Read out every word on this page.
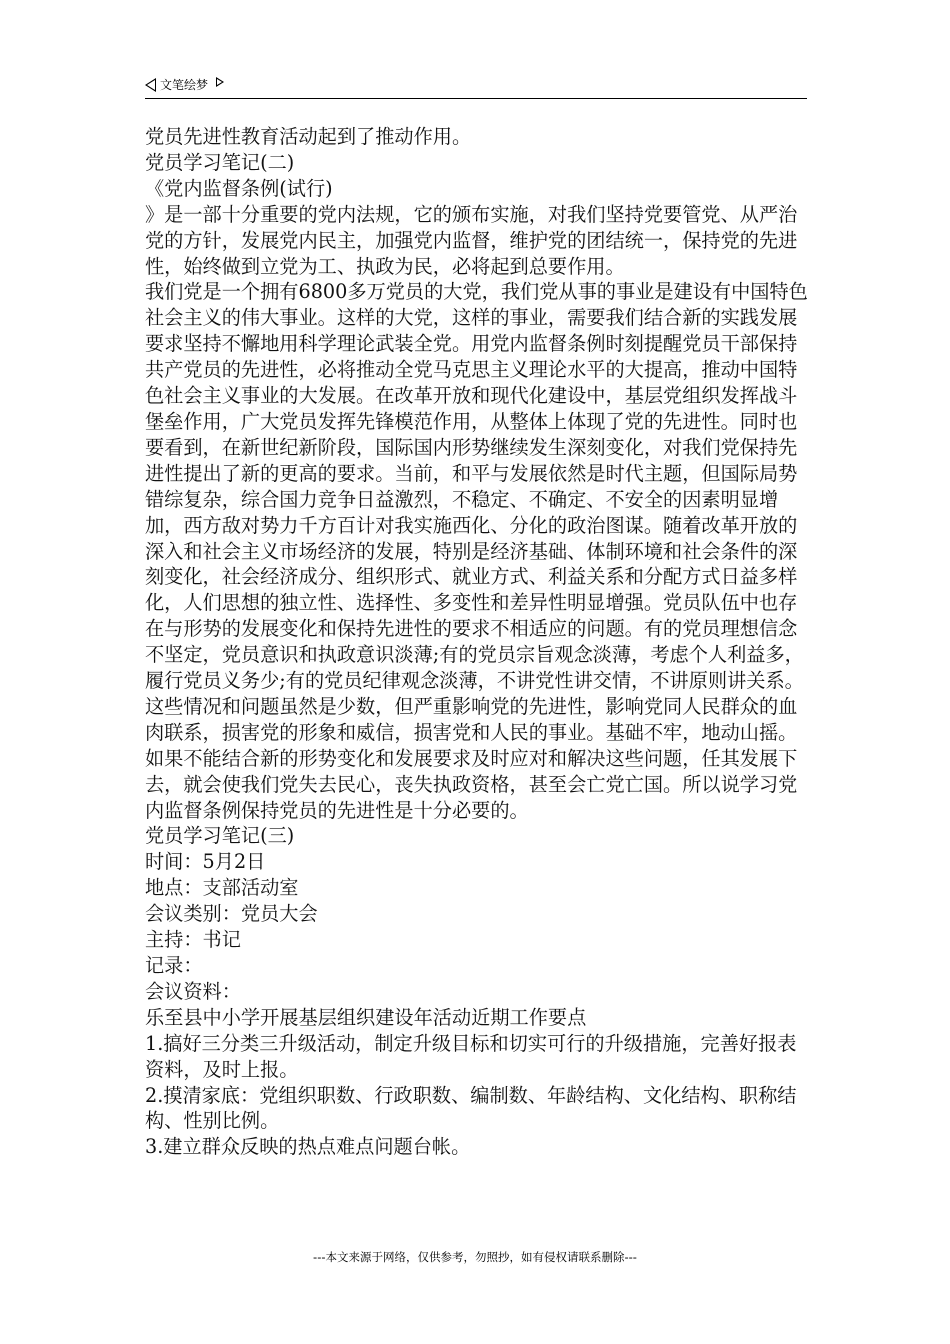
文笔绘梦

党员先进性教育活动起到了推动作用。

党员学习笔记(二)

《党内监督条例(试行)

》是一部十分重要的党内法规，它的颁布实施，对我们坚持党要管党、从严治党的方针，发展党内民主，加强党内监督，维护党的团结统一，保持党的先进性，始终做到立党为工、执政为民，必将起到总要作用。

我们党是一个拥有6800多万党员的大党，我们党从事的事业是建设有中国特色社会主义的伟大事业。这样的大党，这样的事业，需要我们结合新的实践发展要求坚持不懈地用科学理论武装全党。用党内监督条例时刻提醒党员干部保持共产党员的先进性，必将推动全党马克思主义理论水平的大提高，推动中国特色社会主义事业的大发展。在改革开放和现代化建设中，基层党组织发挥战斗堡垒作用，广大党员发挥先锋模范作用，从整体上体现了党的先进性。同时也要看到，在新世纪新阶段，国际国内形势继续发生深刻变化，对我们党保持先进性提出了新的更高的要求。当前，和平与发展依然是时代主题，但国际局势错综复杂，综合国力竞争日益激烈，不稳定、不确定、不安全的因素明显增加，西方敌对势力千方百计对我实施西化、分化的政治图谋。随着改革开放的深入和社会主义市场经济的发展，特别是经济基础、体制环境和社会条件的深刻变化，社会经济成分、组织形式、就业方式、利益关系和分配方式日益多样化，人们思想的独立性、选择性、多变性和差异性明显增强。党员队伍中也存在与形势的发展变化和保持先进性的要求不相适应的问题。有的党员理想信念不坚定，党员意识和执政意识淡薄;有的党员宗旨观念淡薄，考虑个人利益多，履行党员义务少;有的党员纪律观念淡薄，不讲党性讲交情，不讲原则讲关系。这些情况和问题虽然是少数，但严重影响党的先进性，影响党同人民群众的血肉联系，损害党的形象和威信，损害党和人民的事业。基础不牢，地动山摇。如果不能结合新的形势变化和发展要求及时应对和解决这些问题，任其发展下去，就会使我们党失去民心，丧失执政资格，甚至会亡党亡国。所以说学习党内监督条例保持党员的先进性是十分必要的。

党员学习笔记(三)

时间：5月2日

地点：支部活动室

会议类别：党员大会

主持：书记

记录：

会议资料：

乐至县中小学开展基层组织建设年活动近期工作要点

1.搞好三分类三升级活动，制定升级目标和切实可行的升级措施，完善好报表资料，及时上报。

2.摸清家底：党组织职数、行政职数、编制数、年龄结构、文化结构、职称结构、性别比例。

3.建立群众反映的热点难点问题台帐。

---本文来源于网络，仅供参考，勿照抄，如有侵权请联系删除---
